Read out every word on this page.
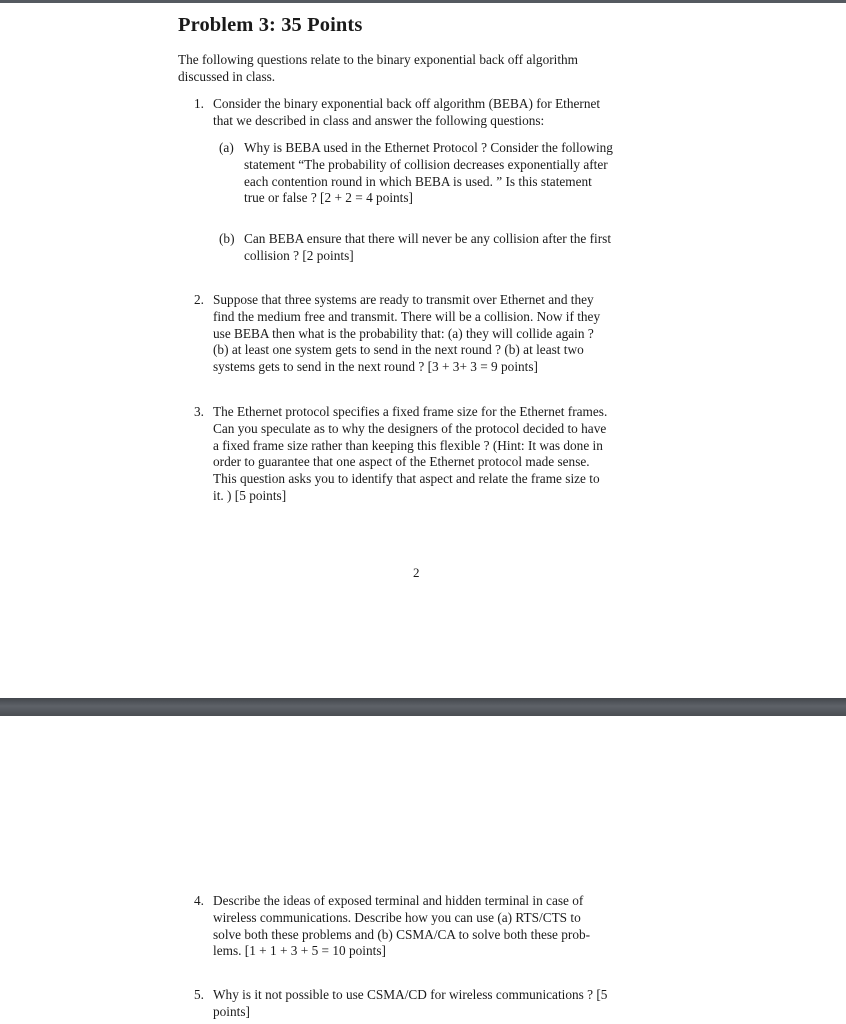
Problem 3: 35 Points
The following questions relate to the binary exponential back off algorithm
discussed in class.
1. Consider the binary exponential back off algorithm (BEBA) for Ethernet
that we described in class and answer the following questions:
(a) Why is BEBA used in the Ethernet Protocol ? Consider the following
statement “The probability of collision decreases exponentially after
each contention round in which BEBA is used. ” Is this statement
true or false ? [2 + 2 = 4 points]
(b) Can BEBA ensure that there will never be any collision after the first
collision ? [2 points]
2. Suppose that three systems are ready to transmit over Ethernet and they
find the medium free and transmit. There will be a collision. Now if they
use BEBA then what is the probability that: (a) they will collide again ?
(b) at least one system gets to send in the next round ? (b) at least two
systems gets to send in the next round ? [3 + 3+ 3 = 9 points]
3. The Ethernet protocol specifies a fixed frame size for the Ethernet frames.
Can you speculate as to why the designers of the protocol decided to have
a fixed frame size rather than keeping this flexible ? (Hint: It was done in
order to guarantee that one aspect of the Ethernet protocol made sense.
This question asks you to identify that aspect and relate the frame size to
it. ) [5 points]
2
4. Describe the ideas of exposed terminal and hidden terminal in case of
wireless communications. Describe how you can use (a) RTS/CTS to
solve both these problems and (b) CSMA/CA to solve both these prob-
lems. [1 + 1 + 3 + 5 = 10 points]
5. Why is it not possible to use CSMA/CD for wireless communications ? [5
points]
